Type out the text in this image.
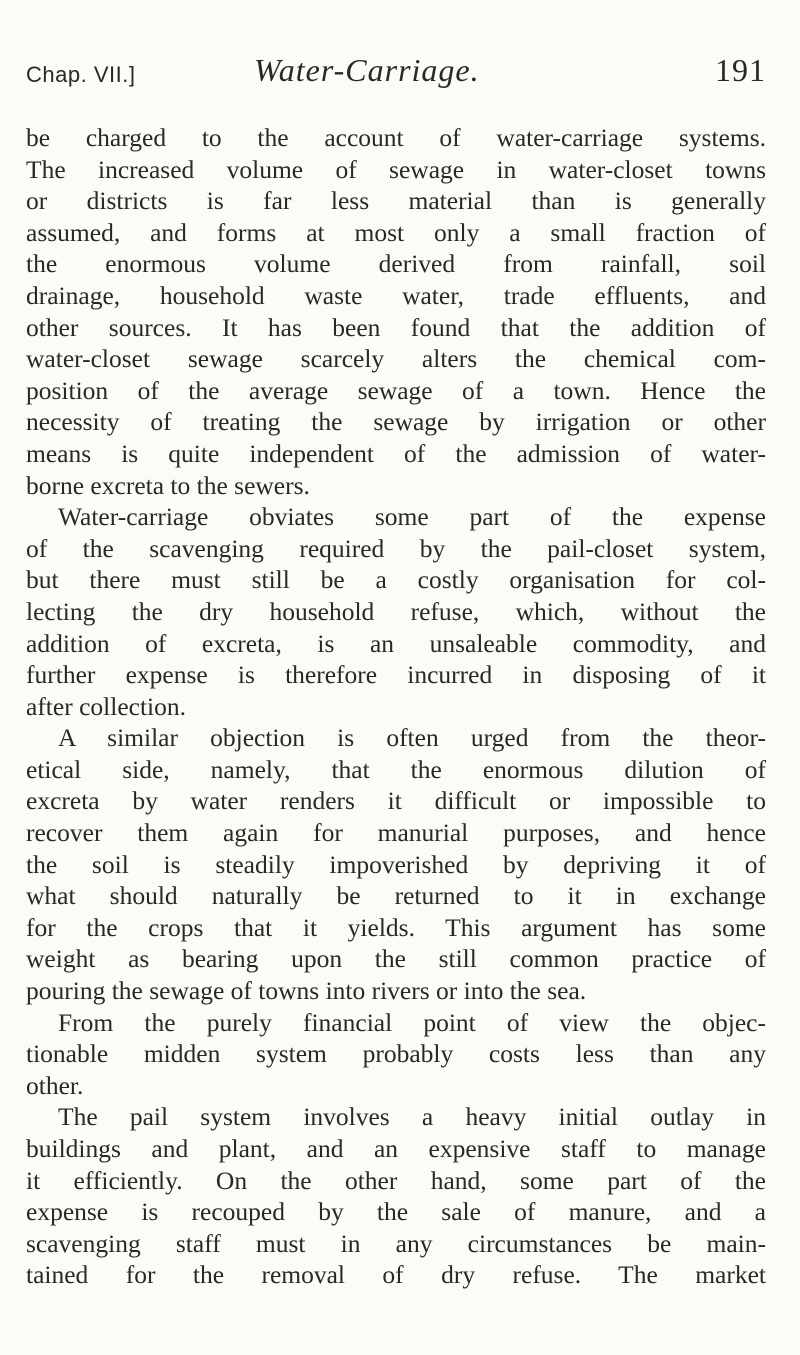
Chap. VII.]	Water-Carriage.	191
be charged to the account of water-carriage systems.
The increased volume of sewage in water-closet towns
or districts is far less material than is generally
assumed, and forms at most only a small fraction of
the enormous volume derived from rainfall, soil
drainage, household waste water, trade effluents, and
other sources. It has been found that the addition of
water-closet sewage scarcely alters the chemical com-
position of the average sewage of a town. Hence the
necessity of treating the sewage by irrigation or other
means is quite independent of the admission of water-
borne excreta to the sewers.
Water-carriage obviates some part of the expense
of the scavenging required by the pail-closet system,
but there must still be a costly organisation for col-
lecting the dry household refuse, which, without the
addition of excreta, is an unsaleable commodity, and
further expense is therefore incurred in disposing of it
after collection.
A similar objection is often urged from the theor-
etical side, namely, that the enormous dilution of
excreta by water renders it difficult or impossible to
recover them again for manurial purposes, and hence
the soil is steadily impoverished by depriving it of
what should naturally be returned to it in exchange
for the crops that it yields. This argument has some
weight as bearing upon the still common practice of
pouring the sewage of towns into rivers or into the sea.
From the purely financial point of view the objec-
tionable midden system probably costs less than any
other.
The pail system involves a heavy initial outlay in
buildings and plant, and an expensive staff to manage
it efficiently. On the other hand, some part of the
expense is recouped by the sale of manure, and a
scavenging staff must in any circumstances be main-
tained for the removal of dry refuse. The market
